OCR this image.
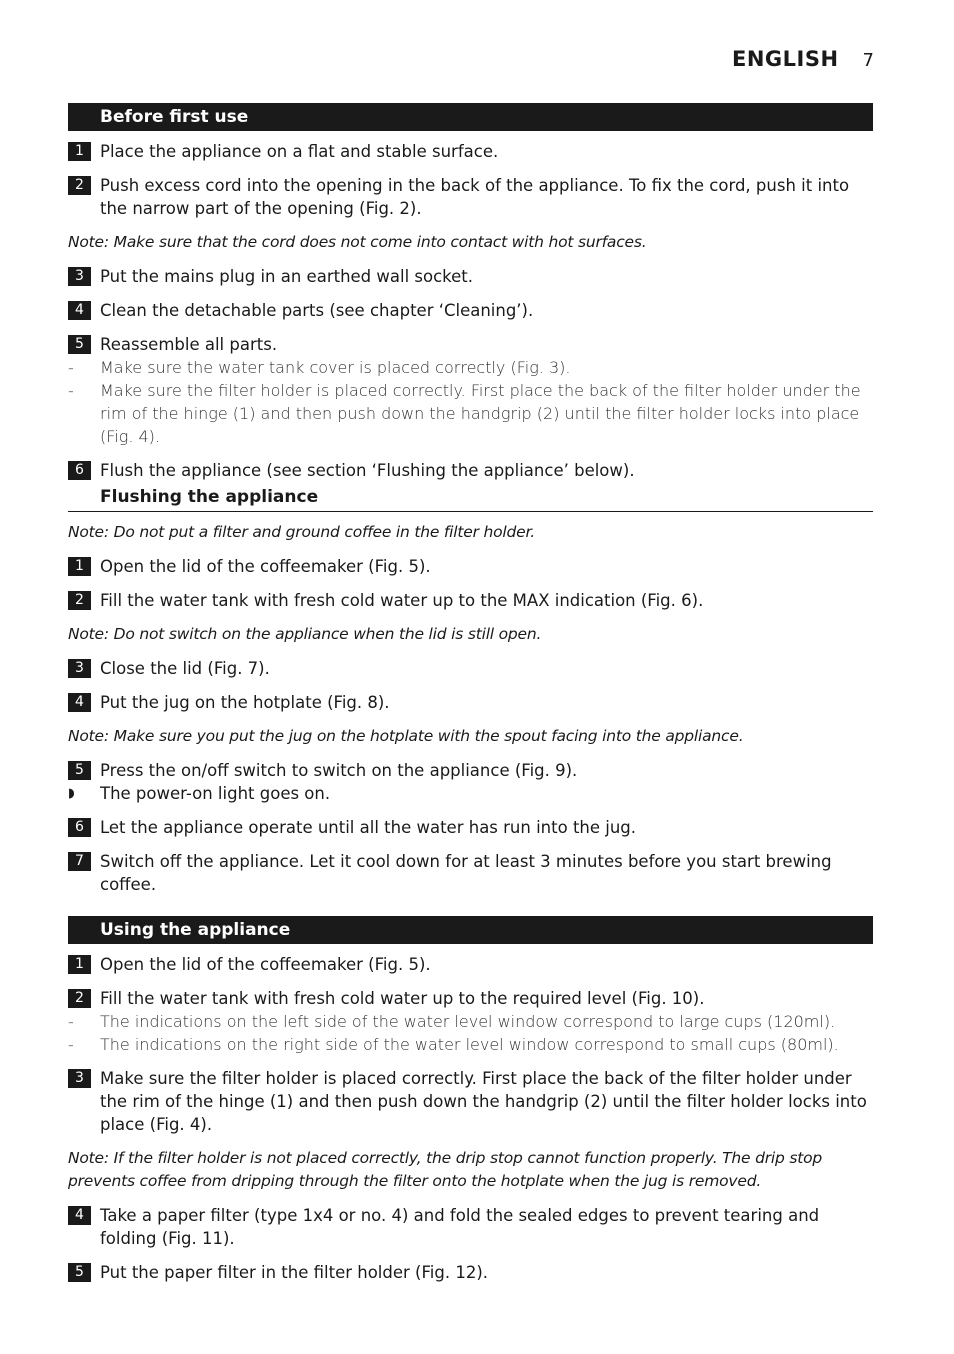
ENGLISH 7
Before first use
1 Place the appliance on a flat and stable surface.
2 Push excess cord into the opening in the back of the appliance. To fix the cord, push it into the narrow part of the opening (Fig. 2).
Note: Make sure that the cord does not come into contact with hot surfaces.
3 Put the mains plug in an earthed wall socket.
4 Clean the detachable parts (see chapter ‘Cleaning’).
5 Reassemble all parts.
- Make sure the water tank cover is placed correctly (Fig. 3).
- Make sure the filter holder is placed correctly. First place the back of the filter holder under the rim of the hinge (1) and then push down the handgrip (2) until the filter holder locks into place (Fig. 4).
6 Flush the appliance (see section ‘Flushing the appliance’ below).
Flushing the appliance
Note: Do not put a filter and ground coffee in the filter holder.
1 Open the lid of the coffeemaker (Fig. 5).
2 Fill the water tank with fresh cold water up to the MAX indication (Fig. 6).
Note: Do not switch on the appliance when the lid is still open.
3 Close the lid (Fig. 7).
4 Put the jug on the hotplate (Fig. 8).
Note: Make sure you put the jug on the hotplate with the spout facing into the appliance.
5 Press the on/off switch to switch on the appliance (Fig. 9).
◗ The power-on light goes on.
6 Let the appliance operate until all the water has run into the jug.
7 Switch off the appliance. Let it cool down for at least 3 minutes before you start brewing coffee.
Using the appliance
1 Open the lid of the coffeemaker (Fig. 5).
2 Fill the water tank with fresh cold water up to the required level (Fig. 10).
- The indications on the left side of the water level window correspond to large cups (120ml).
- The indications on the right side of the water level window correspond to small cups (80ml).
3 Make sure the filter holder is placed correctly. First place the back of the filter holder under the rim of the hinge (1) and then push down the handgrip (2) until the filter holder locks into place (Fig. 4).
Note: If the filter holder is not placed correctly, the drip stop cannot function properly. The drip stop prevents coffee from dripping through the filter onto the hotplate when the jug is removed.
4 Take a paper filter (type 1x4 or no. 4) and fold the sealed edges to prevent tearing and folding (Fig. 11).
5 Put the paper filter in the filter holder (Fig. 12).
